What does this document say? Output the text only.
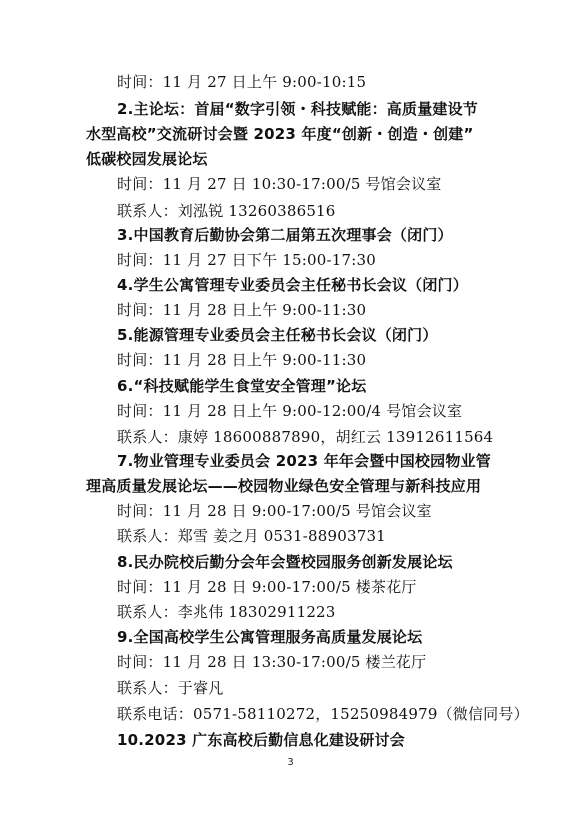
时间：11 月 27 日上午 9:00-10:15
2.主论坛：首届“数字引领・科技赋能：高质量建设节
水型高校”交流研讨会暨 2023 年度“创新・创造・创建”
低碳校园发展论坛
时间：11 月 27 日 10:30-17:00/5 号馆会议室
联系人：刘泓锐 13260386516
3.中国教育后勤协会第二届第五次理事会（闭门）
时间：11 月 27 日下午 15:00-17:30
4.学生公寓管理专业委员会主任秘书长会议（闭门）
时间：11 月 28 日上午 9:00-11:30
5.能源管理专业委员会主任秘书长会议（闭门）
时间：11 月 28 日上午 9:00-11:30
6.“科技赋能学生食堂安全管理”论坛
时间：11 月 28 日上午 9:00-12:00/4 号馆会议室
联系人：康婷 18600887890，胡红云 13912611564
7.物业管理专业委员会 2023 年年会暨中国校园物业管
理高质量发展论坛——校园物业绿色安全管理与新科技应用
时间：11 月 28 日 9:00-17:00/5 号馆会议室
联系人：郑雪 姜之月 0531-88903731
8.民办院校后勤分会年会暨校园服务创新发展论坛
时间：11 月 28 日 9:00-17:00/5 楼茶花厅
联系人：李兆伟 18302911223
9.全国高校学生公寓管理服务高质量发展论坛
时间：11 月 28 日 13:30-17:00/5 楼兰花厅
联系人：于睿凡
联系电话：0571-58110272，15250984979（微信同号）
10.2023 广东高校后勤信息化建设研讨会
3
